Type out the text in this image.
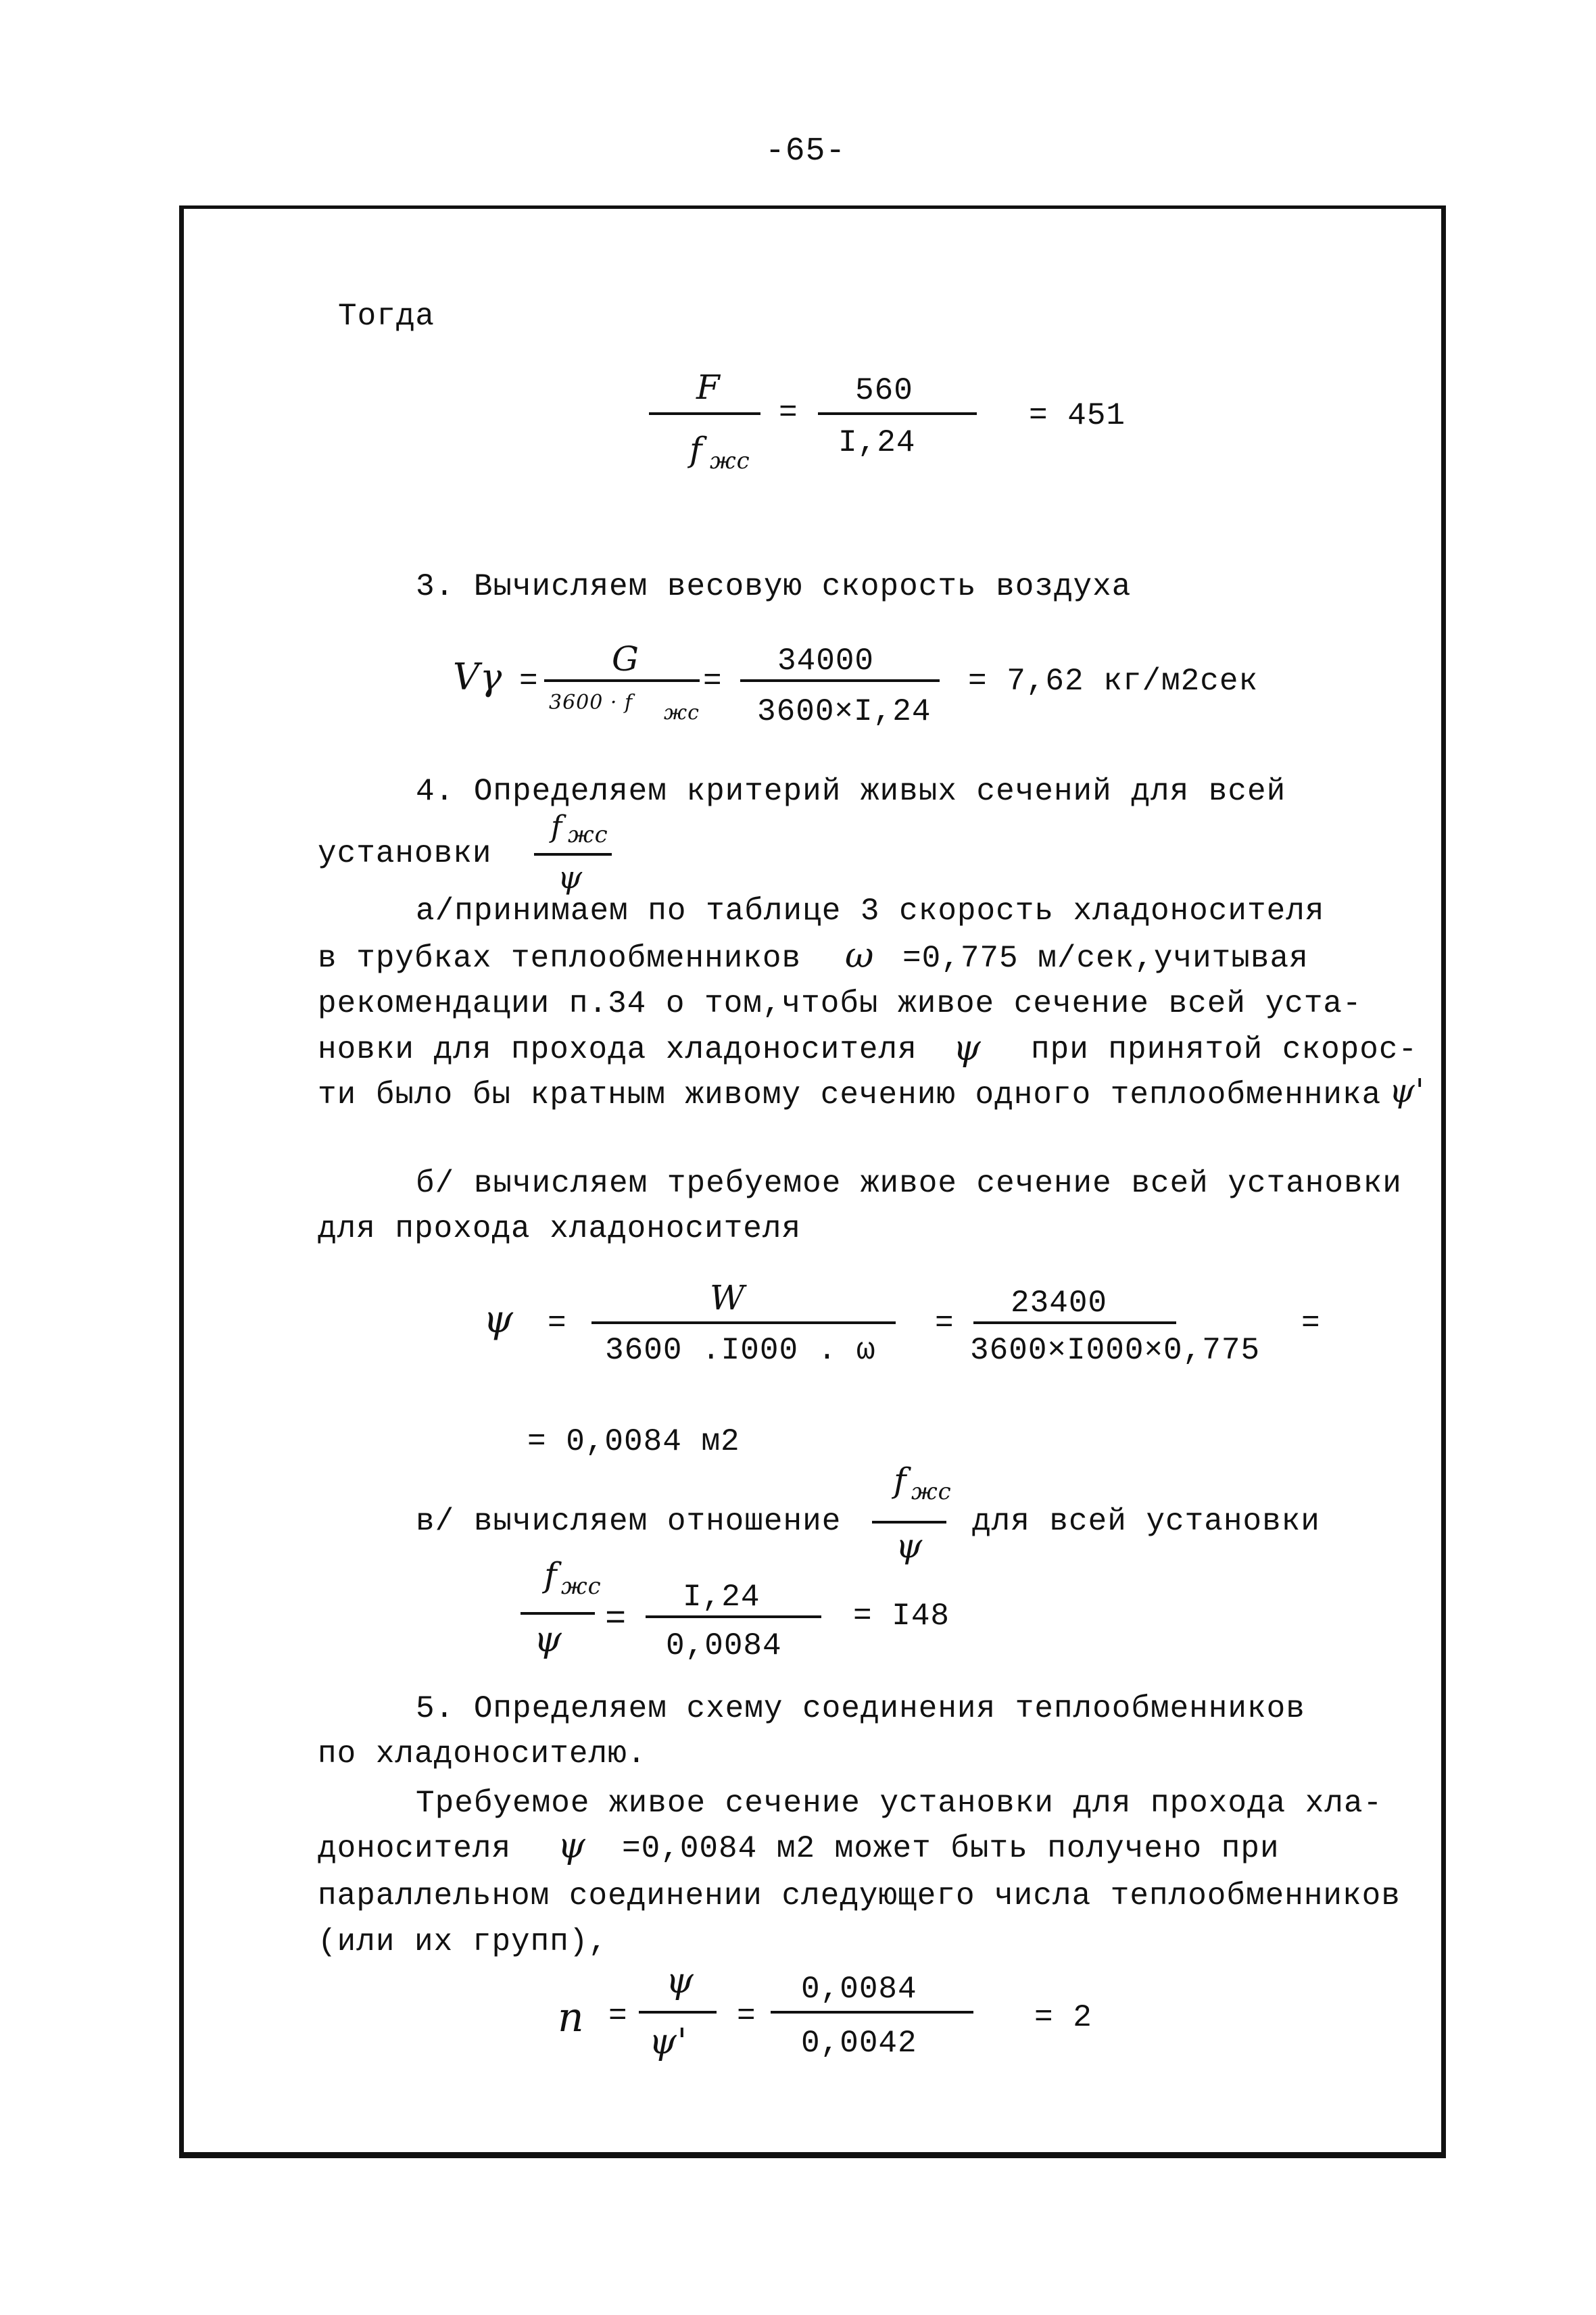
-65-
Тогда
F
f жс
=
560
I,24
= 451
3. Вычисляем весовую скорость воздуха
Vγ =
G
3600 · f жс
=
34000
3600×I,24
= 7,62 кг/м2сек
4. Определяем критерий живых сечений для всей
установки
f жс
ψ
а/принимаем по таблице 3 скорость хладоносителя
в трубках теплообменников ω =0,775 м/сек,учитывая
рекомендации п.34 о том,чтобы живое сечение всей уста-
новки для прохода хладоносителя ψ при принятой скорос-
ти было бы кратным живому сечению одного теплообменника ψ'
б/ вычисляем требуемое живое сечение всей установки
для прохода хладоносителя
ψ =
W
3600 .I000 . ω
=
23400
3600×I000×0,775
=
= 0,0084 м2
в/ вычисляем отношение
f жс
ψ
для всей установки
f жс
ψ
=
I,24
0,0084
= I48
5. Определяем схему соединения теплообменников
по хладоносителю.
Требуемое живое сечение установки для прохода хла-
доносителя ψ =0,0084 м2 может быть получено при
параллельном соединении следующего числа теплообменников
(или их групп),
n =
ψ
ψ'
=
0,0084
0,0042
= 2
